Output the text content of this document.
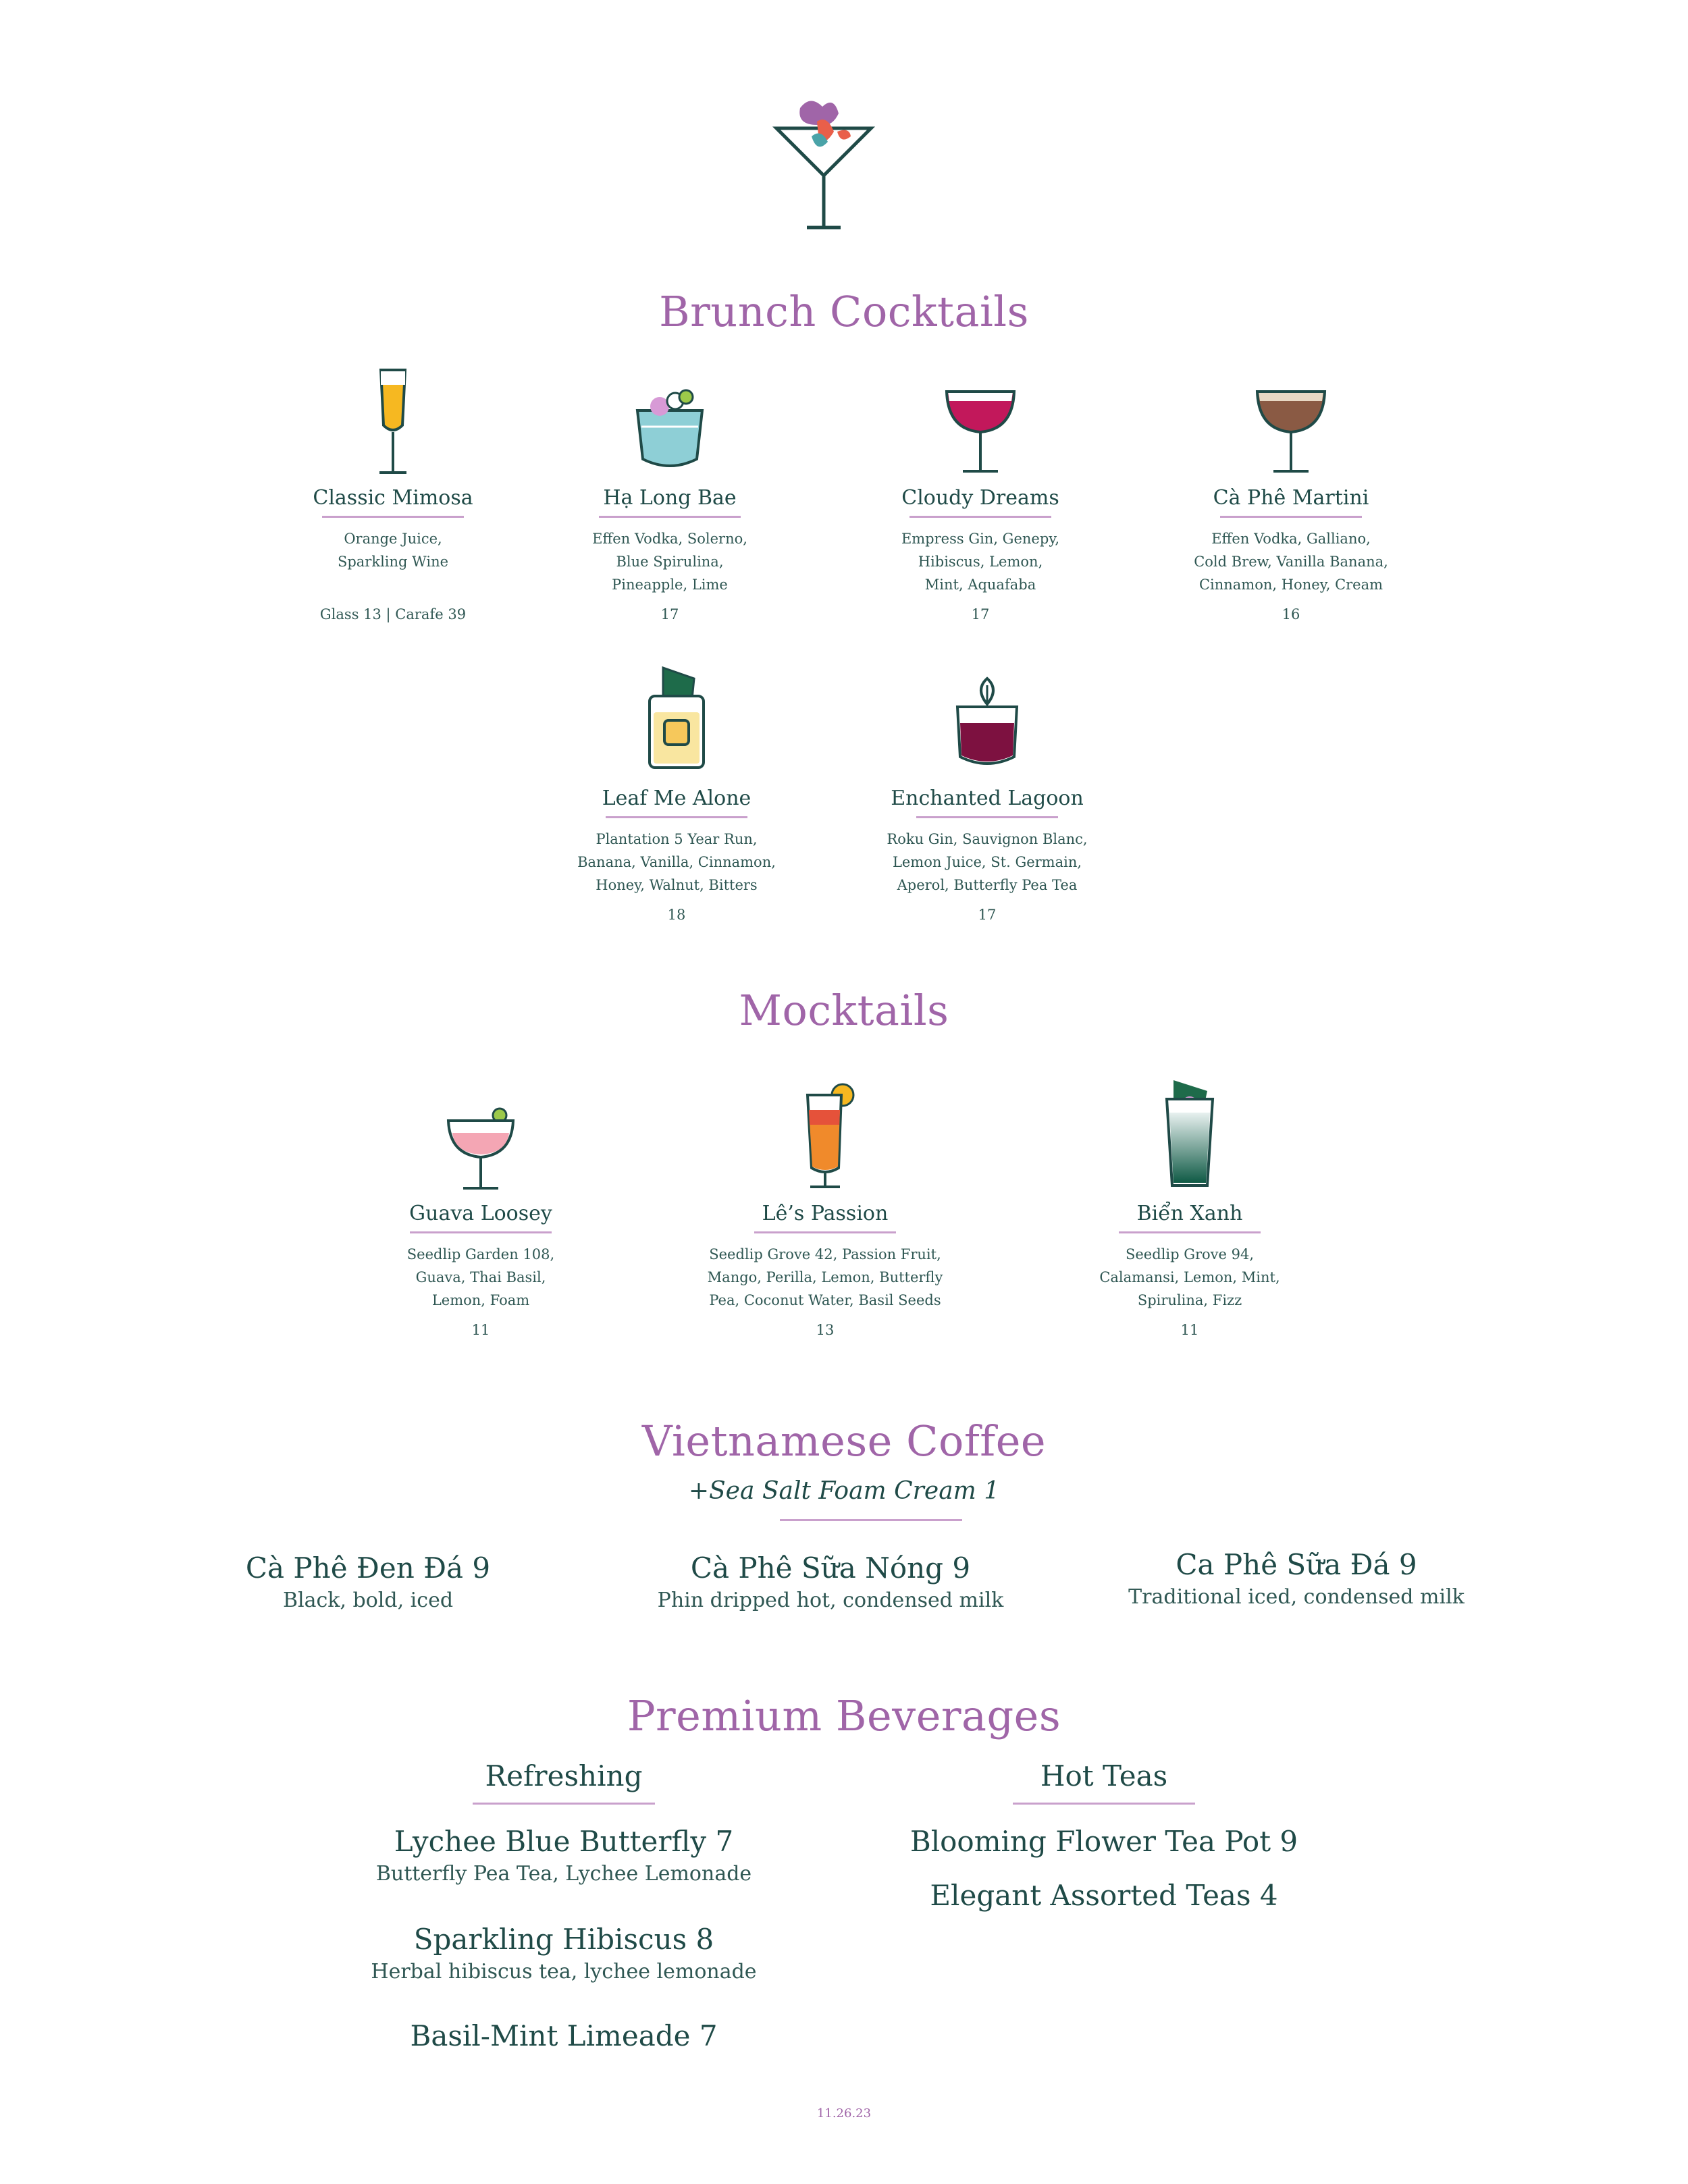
Brunch Cocktails
Classic Mimosa
Orange Juice,
Sparkling Wine
Glass 13 | Carafe 39
Hạ Long Bae
Effen Vodka, Solerno,
Blue Spirulina,
Pineapple, Lime
17
Cloudy Dreams
Empress Gin, Genepy,
Hibiscus, Lemon,
Mint, Aquafaba
17
Cà Phê Martini
Effen Vodka, Galliano,
Cold Brew, Vanilla Banana,
Cinnamon, Honey, Cream
16
Leaf Me Alone
Plantation 5 Year Run,
Banana, Vanilla, Cinnamon,
Honey, Walnut, Bitters
18
Enchanted Lagoon
Roku Gin, Sauvignon Blanc,
Lemon Juice, St. Germain,
Aperol, Butterfly Pea Tea
17
Mocktails
Guava Loosey
Seedlip Garden 108,
Guava, Thai Basil,
Lemon, Foam
11
Lê’s Passion
Seedlip Grove 42, Passion Fruit,
Mango, Perilla, Lemon, Butterfly
Pea, Coconut Water, Basil Seeds
13
Biển Xanh
Seedlip Grove 94,
Calamansi, Lemon, Mint,
Spirulina, Fizz
11
Vietnamese Coffee
+Sea Salt Foam Cream 1
Cà Phê Đen Đá 9
Black, bold, iced
Cà Phê Sữa Nóng 9
Phin dripped hot, condensed milk
Ca Phê Sữa Đá 9
Traditional iced, condensed milk
Premium Beverages
Refreshing	Hot Teas
Lychee Blue Butterfly 7
Butterfly Pea Tea, Lychee Lemonade
Sparkling Hibiscus 8
Herbal hibiscus tea, lychee lemonade
Basil-Mint Limeade 7
Blooming Flower Tea Pot 9
Elegant Assorted Teas 4
11.26.23
